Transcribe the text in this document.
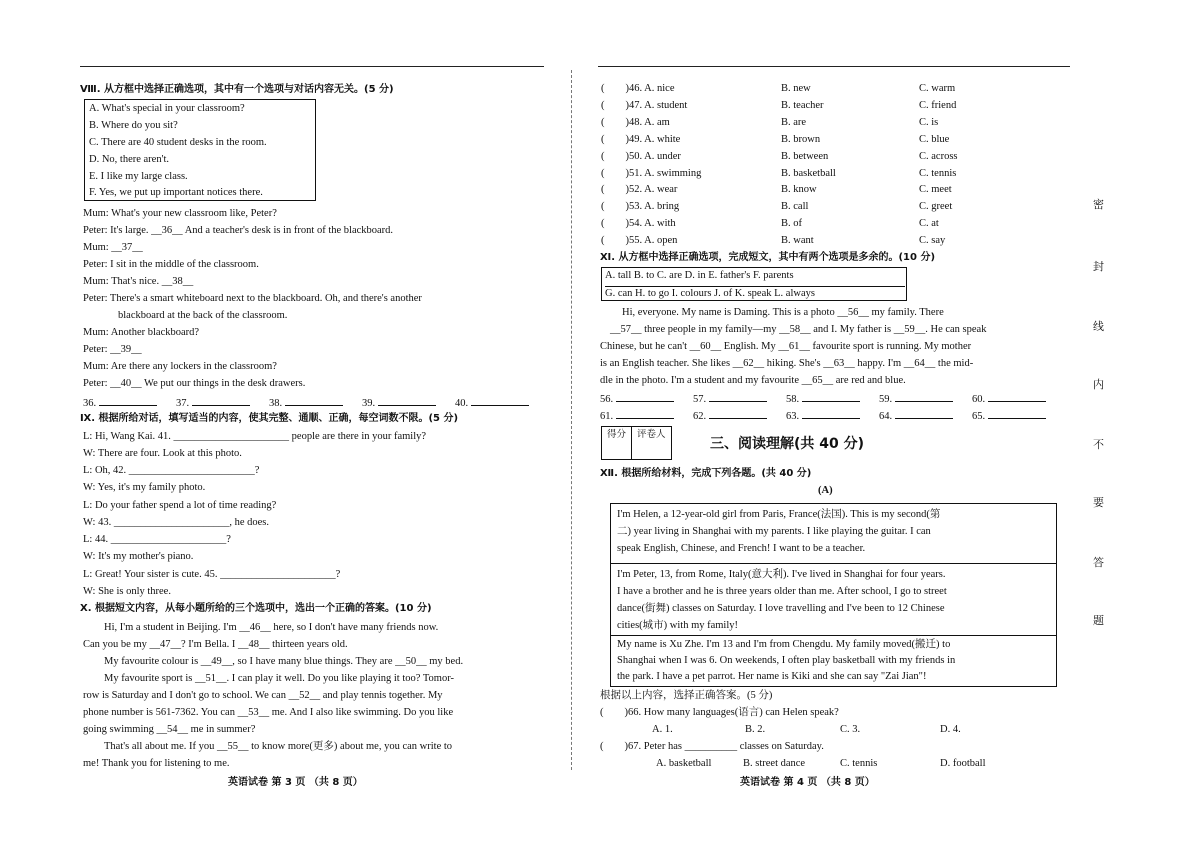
Ⅷ. 从方框中选择正确选项，其中有一个选项与对话内容无关。(5 分)
A. What's special in your classroom?
B. Where do you sit?
C. There are 40 student desks in the room.
D. No, there aren't.
E. I like my large class.
F. Yes, we put up important notices there.
Mum: What's your new classroom like, Peter?
Peter: It's large. __36__ And a teacher's desk is in front of the blackboard.
Mum: __37__
Peter: I sit in the middle of the classroom.
Mum: That's nice. __38__
Peter: There's a smart whiteboard next to the blackboard. Oh, and there's another
blackboard at the back of the classroom.
Mum: Another blackboard?
Peter: __39__
Mum: Are there any lockers in the classroom?
Peter: __40__ We put our things in the desk drawers.
36.	37.	38.	39.	40.
Ⅸ. 根据所给对话，填写适当的内容，使其完整、通顺、正确，每空词数不限。(5 分)
L: Hi, Wang Kai. 41. ______________________ people are there in your family?
W: There are four. Look at this photo.
L: Oh, 42. ________________________?
W: Yes, it's my family photo.
L: Do your father spend a lot of time reading?
W: 43. ______________________, he does.
L: 44. ______________________?
W: It's my mother's piano.
L: Great! Your sister is cute. 45. ______________________?
W: She is only three.
Ⅹ. 根据短文内容，从每小题所给的三个选项中，选出一个正确的答案。(10 分)
Hi, I'm a student in Beijing. I'm __46__ here, so I don't have many friends now.
Can you be my __47__? I'm Bella. I __48__ thirteen years old.
My favourite colour is __49__, so I have many blue things. They are __50__ my bed.
My favourite sport is __51__. I can play it well. Do you like playing it too? Tomor-
row is Saturday and I don't go to school. We can __52__ and play tennis together. My
phone number is 561-7362. You can __53__ me. And I also like swimming. Do you like
going swimming __54__ me in summer?
That's all about me. If you __55__ to know more(更多) about me, you can write to
me! Thank you for listening to me.
英语试卷 第 3 页 （共 8 页）
(　　)46. A. nice	B. new	C. warm
(　　)47. A. student	B. teacher	C. friend
(　　)48. A. am	B. are	C. is
(　　)49. A. white	B. brown	C. blue
(　　)50. A. under	B. between	C. across
(　　)51. A. swimming	B. basketball	C. tennis
(　　)52. A. wear	B. know	C. meet
(　　)53. A. bring	B. call	C. greet
(　　)54. A. with	B. of	C. at
(　　)55. A. open	B. want	C. say
Ⅺ. 从方框中选择正确选项，完成短文，其中有两个选项是多余的。(10 分)
A. tall B. to C. are D. in E. father's F. parents
G. can H. to go I. colours J. of K. speak L. always
Hi, everyone. My name is Daming. This is a photo __56__ my family. There
__57__ three people in my family—my __58__ and I. My father is __59__. He can speak
Chinese, but he can't __60__ English. My __61__ favourite sport is running. My mother
is an English teacher. She likes __62__ hiking. She's __63__ happy. I'm __64__ the mid-
dle in the photo. I'm a student and my favourite __65__ are red and blue.
56.	57.	58.	59.	60.
61.	62.	63.	64.	65.
得分	评卷人
三、阅读理解(共 40 分)
Ⅻ. 根据所给材料，完成下列各题。(共 40 分)
(A)
I'm Helen, a 12-year-old girl from Paris, France(法国). This is my second(第
二) year living in Shanghai with my parents. I like playing the guitar. I can
speak English, Chinese, and French! I want to be a teacher.
I'm Peter, 13, from Rome, Italy(意大利). I've lived in Shanghai for four years.
I have a brother and he is three years older than me. After school, I go to street
dance(街舞) classes on Saturday. I love travelling and I've been to 12 Chinese
cities(城市) with my family!
My name is Xu Zhe. I'm 13 and I'm from Chengdu. My family moved(搬迁) to
Shanghai when I was 6. On weekends, I often play basketball with my friends in
the park. I have a pet parrot. Her name is Kiki and she can say "Zai Jian"!
根据以上内容，选择正确答案。(5 分)
(　　)66. How many languages(语言) can Helen speak?
A. 1.	B. 2.	C. 3.	D. 4.
(　　)67. Peter has __________ classes on Saturday.
A. basketball	B. street dance	C. tennis	D. football
英语试卷 第 4 页 （共 8 页）
密
封
线
内
不
要
答
题
